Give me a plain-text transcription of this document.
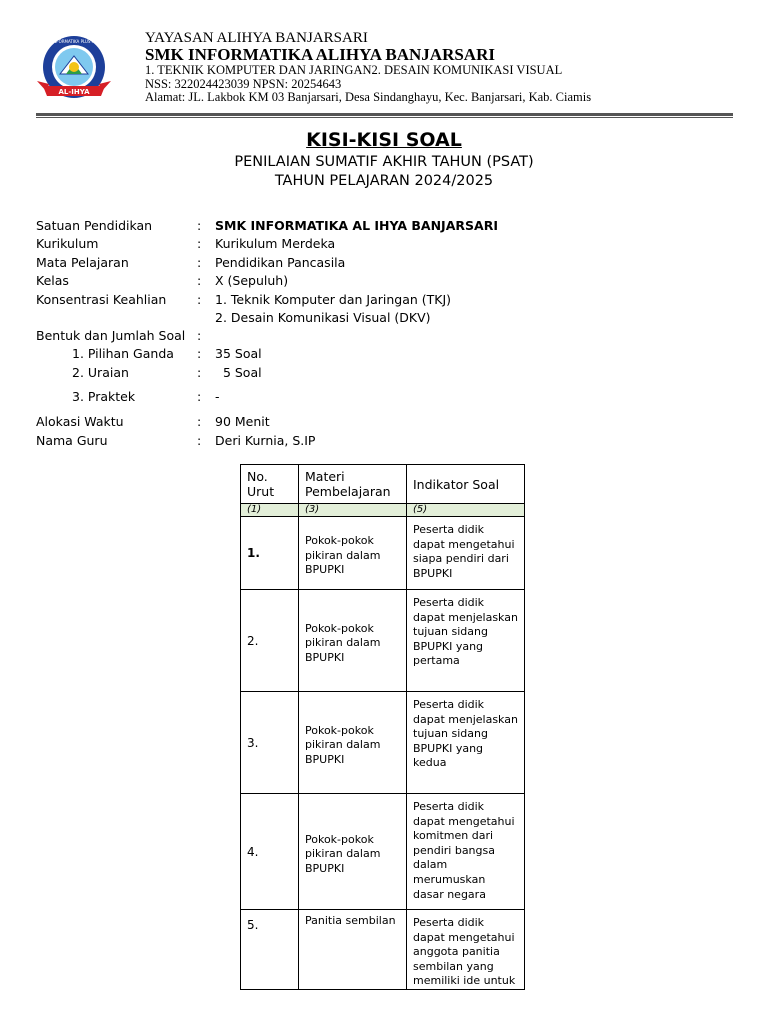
AL-IHYA
SMK INFORMATIKA PLUS ALIHYA	YAYASAN ALIHYA BANJARSARI
SMK INFORMATIKA ALIHYA BANJARSARI
1. TEKNIK KOMPUTER DAN JARINGAN2. DESAIN KOMUNIKASI VISUAL
NSS: 322024423039 NPSN: 20254643
Alamat: JL. Lakbok KM 03 Banjarsari, Desa Sindanghayu, Kec. Banjarsari, Kab. Ciamis
KISI-KISI SOAL
PENILAIAN SUMATIF AKHIR TAHUN (PSAT)
TAHUN PELAJARAN 2024/2025
Satuan Pendidikan	: SMK INFORMATIKA AL IHYA BANJARSARI
Kurikulum	: Kurikulum Merdeka
Mata Pelajaran	: Pendidikan Pancasila
Kelas	: X (Sepuluh)
Konsentrasi Keahlian : 1. Teknik Komputer dan Jaringan (TKJ)
2. Desain Komunikasi Visual (DKV)
Bentuk dan Jumlah Soal :
1. Pilihan Ganda : 35 Soal
2. Uraian	: 5 Soal
3. Praktek	: -
Alokasi Waktu	: 90 Menit
Nama Guru	: Deri Kurnia, S.IP
No. Urut	Materi Pembelajaran	Indikator Soal
(1)	(3)	(5)
1.	Pokok-pokok pikiran dalam BPUPKI	Peserta didik dapat mengetahui siapa pendiri dari BPUPKI

2.	Pokok-pokok pikiran dalam BPUPKI	Peserta didik dapat menjelaskan tujuan sidang BPUPKI yang pertama

3.	Pokok-pokok pikiran dalam BPUPKI	Peserta didik dapat menjelaskan tujuan sidang BPUPKI yang kedua

4.	Pokok-pokok pikiran dalam BPUPKI	Peserta didik dapat mengetahui komitmen dari pendiri bangsa dalam merumuskan dasar negara

5.	Panitia sembilan	Peserta didik dapat mengetahui anggota panitia sembilan yang memiliki ide untuk
